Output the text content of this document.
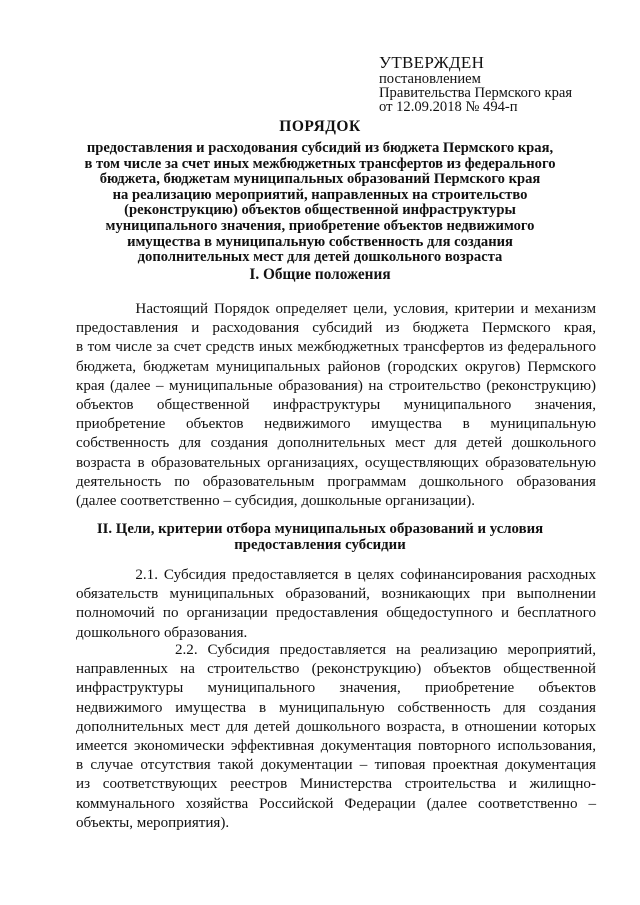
УТВЕРЖДЕН
постановлением
Правительства Пермского края
от 12.09.2018 № 494-п
ПОРЯДОК
предоставления и расходования субсидий из бюджета Пермского края,
в том числе за счет иных межбюджетных трансфертов из федерального
бюджета, бюджетам муниципальных образований Пермского края
на реализацию мероприятий, направленных на строительство
(реконструкцию) объектов общественной инфраструктуры
муниципального значения, приобретение объектов недвижимого
имущества в муниципальную собственность для создания
дополнительных мест для детей дошкольного возраста
I. Общие положения
Настоящий Порядок определяет цели, условия, критерии и механизм
предоставления и расходования субсидий из бюджета Пермского края,
в том числе за счет средств иных межбюджетных трансфертов из федерального
бюджета, бюджетам муниципальных районов (городских округов) Пермского
края (далее – муниципальные образования) на строительство (реконструкцию)
объектов общественной инфраструктуры муниципального значения,
приобретение объектов недвижимого имущества в муниципальную
собственность для создания дополнительных мест для детей дошкольного
возраста в образовательных организациях, осуществляющих образовательную
деятельность по образовательным программам дошкольного образования
(далее соответственно – субсидия, дошкольные организации).
II. Цели, критерии отбора муниципальных образований и условия
предоставления субсидии
2.1. Субсидия предоставляется в целях софинансирования расходных
обязательств муниципальных образований, возникающих при выполнении
полномочий по организации предоставления общедоступного и бесплатного
дошкольного образования.
2.2. Субсидия предоставляется на реализацию мероприятий,
направленных на строительство (реконструкцию) объектов общественной
инфраструктуры муниципального значения, приобретение объектов
недвижимого имущества в муниципальную собственность для создания
дополнительных мест для детей дошкольного возраста, в отношении которых
имеется экономически эффективная документация повторного использования,
в случае отсутствия такой документации – типовая проектная документация
из соответствующих реестров Министерства строительства и жилищно-
коммунального хозяйства Российской Федерации (далее соответственно –
объекты, мероприятия).
